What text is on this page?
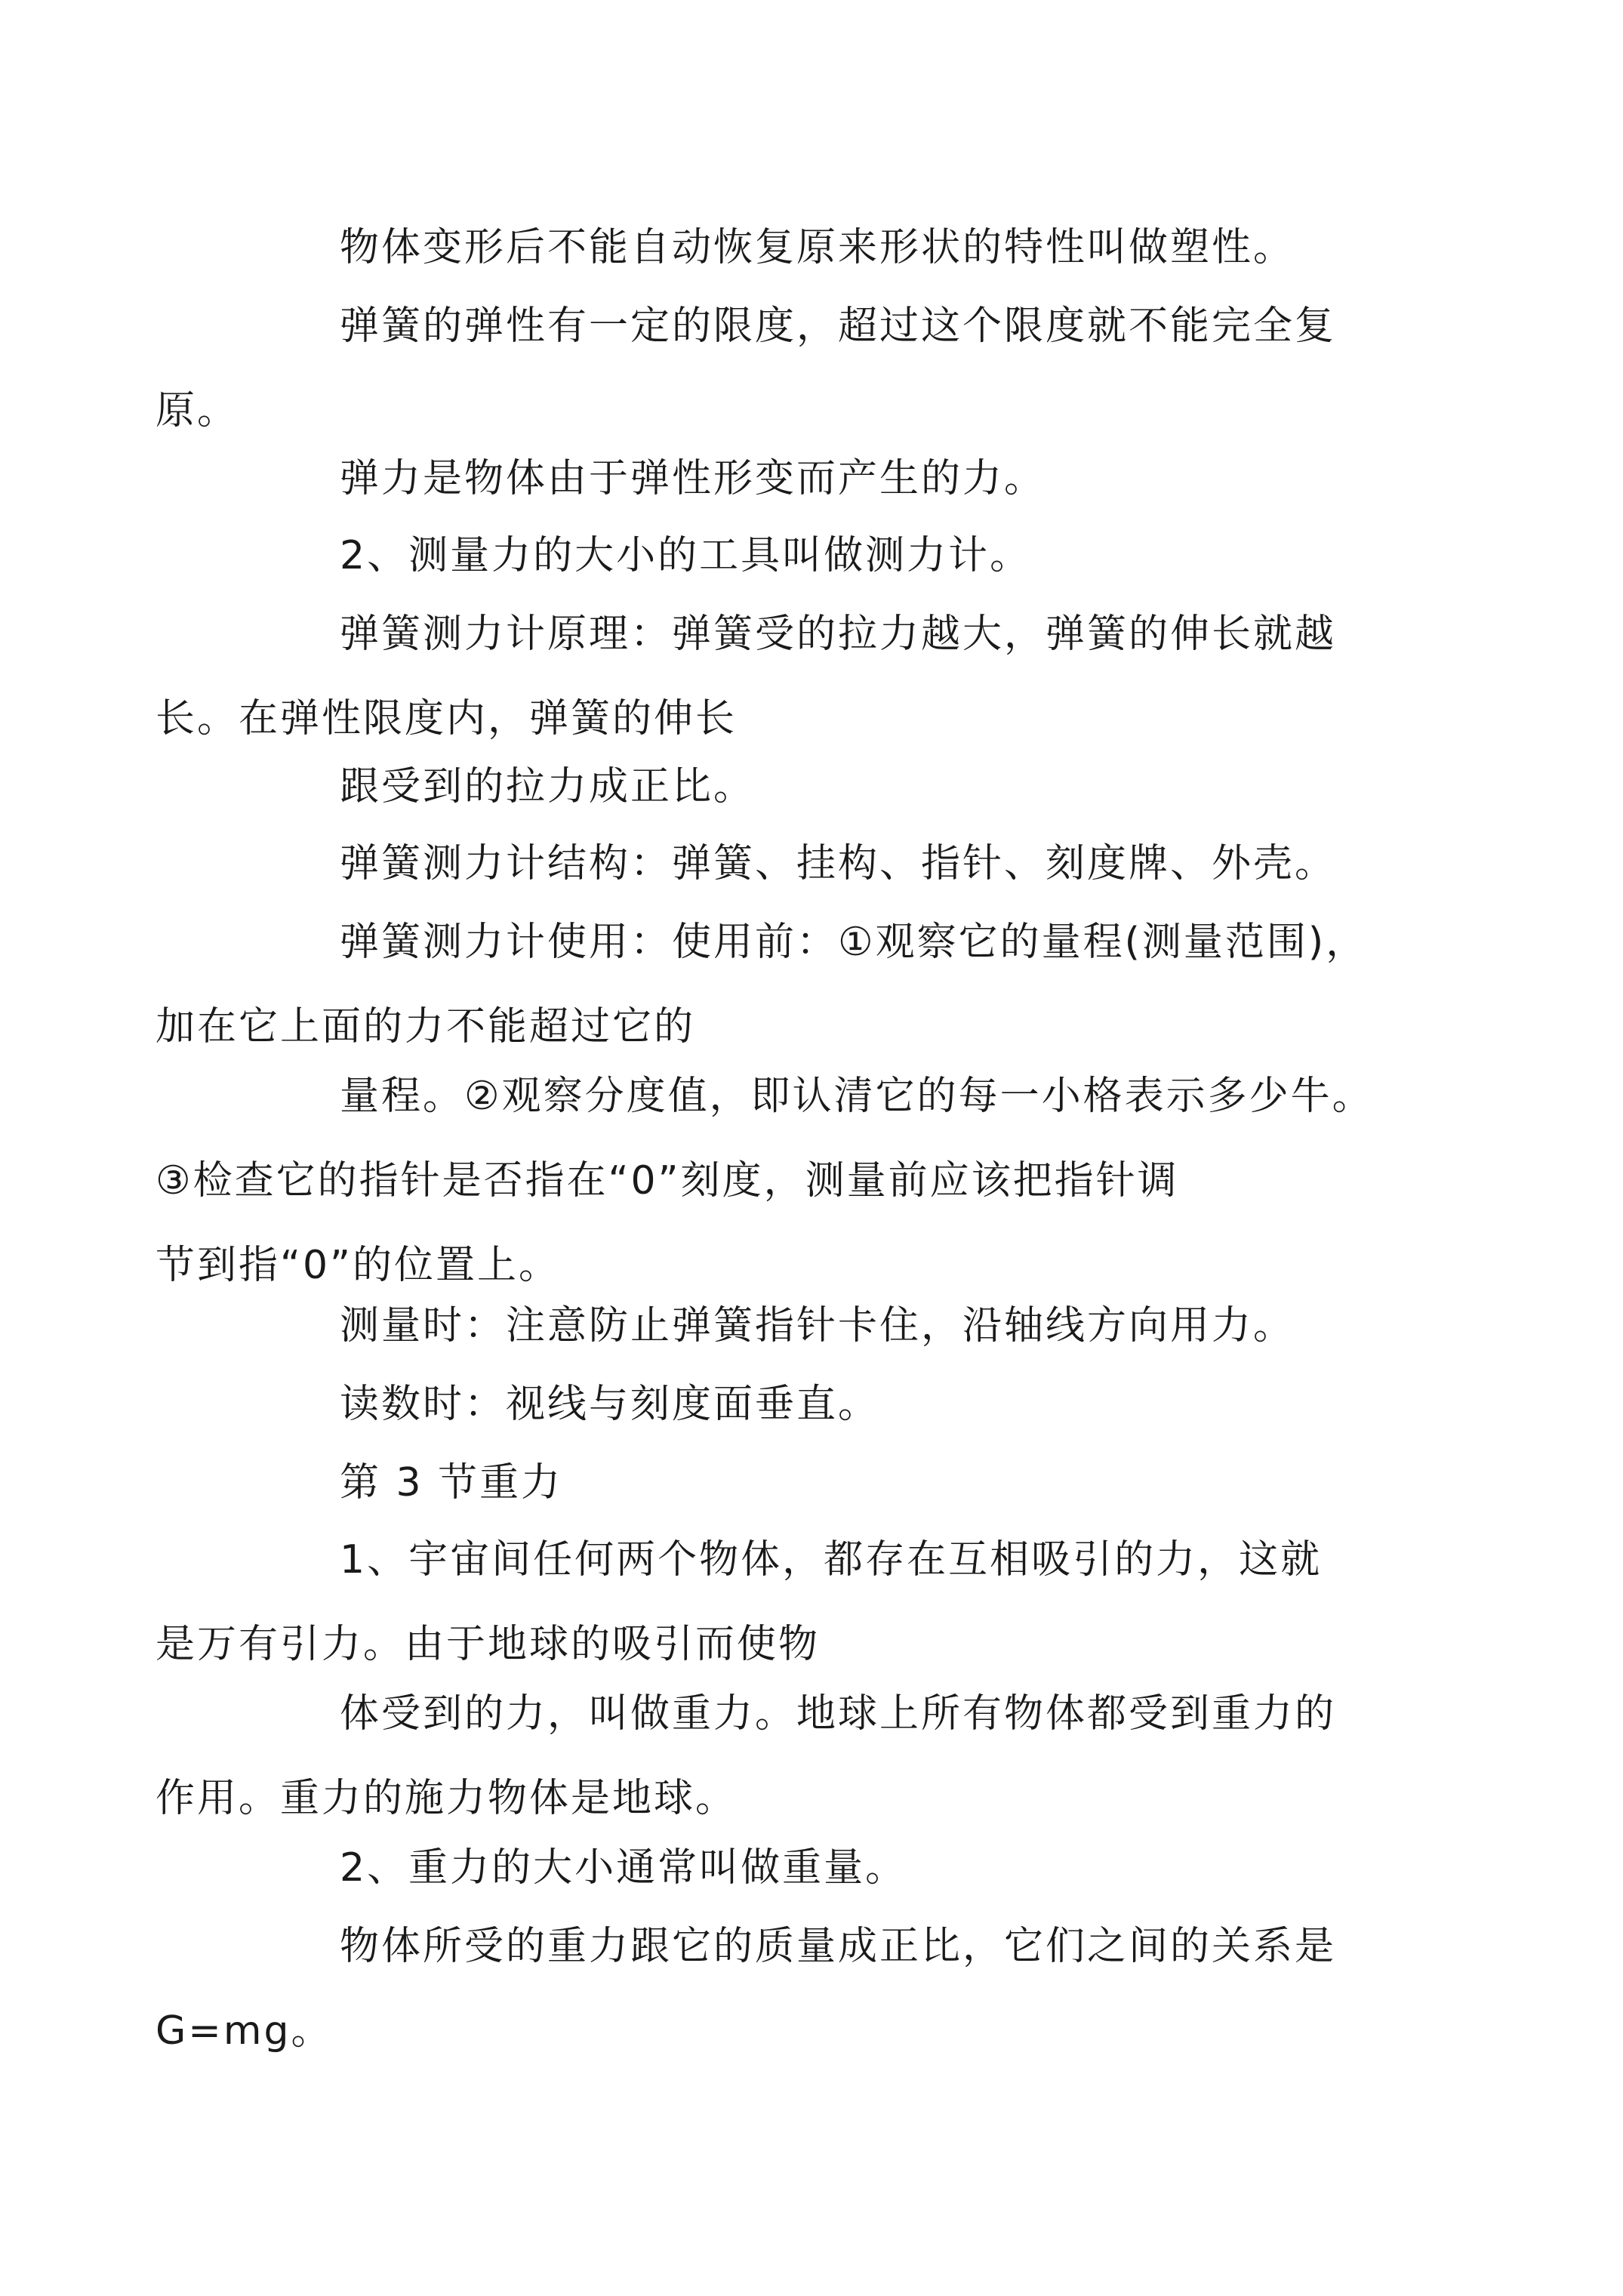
物体变形后不能自动恢复原来形状的特性叫做塑性。

弹簧的弹性有一定的限度，超过这个限度就不能完全复
原。

弹力是物体由于弹性形变而产生的力。

2、测量力的大小的工具叫做测力计。

弹簧测力计原理：弹簧受的拉力越大，弹簧的伸长就越
长。在弹性限度内，弹簧的伸长

跟受到的拉力成正比。

弹簧测力计结构：弹簧、挂构、指针、刻度牌、外壳。

弹簧测力计使用：使用前：①观察它的量程(测量范围)，
加在它上面的力不能超过它的

量程。②观察分度值，即认清它的每一小格表示多少牛。
③检查它的指针是否指在“0”刻度，测量前应该把指针调
节到指“0”的位置上。

测量时：注意防止弹簧指针卡住，沿轴线方向用力。

读数时：视线与刻度面垂直。

第 3 节重力

1、宇宙间任何两个物体，都存在互相吸引的力，这就
是万有引力。由于地球的吸引而使物

体受到的力，叫做重力。地球上所有物体都受到重力的
作用。重力的施力物体是地球。

2、重力的大小通常叫做重量。

物体所受的重力跟它的质量成正比，它们之间的关系是
G=mg。
